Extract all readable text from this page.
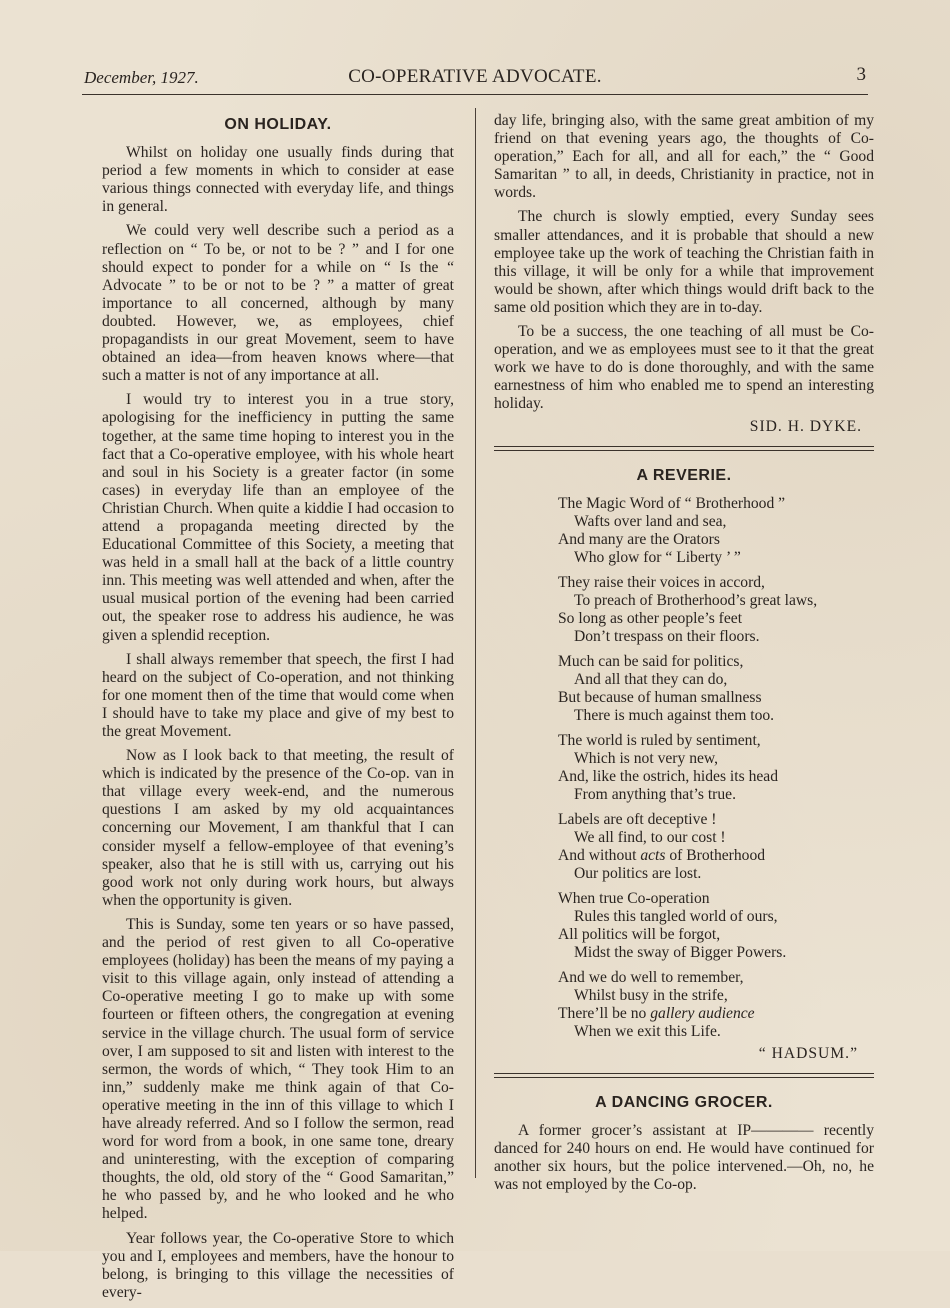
December, 1927.	CO-OPERATIVE ADVOCATE.	3
ON HOLIDAY.

Whilst on holiday one usually finds during that period a few moments in which to consider at ease various things connected with everyday life, and things in general.

We could very well describe such a period as a reflection on “ To be, or not to be ? ” and I for one should expect to ponder for a while on “ Is the “ Advocate ” to be or not to be ? ” a matter of great importance to all concerned, although by many doubted. However, we, as employees, chief propagandists in our great Movement, seem to have obtained an idea—from heaven knows where—that such a matter is not of any importance at all.

I would try to interest you in a true story, apologising for the inefficiency in putting the same together, at the same time hoping to interest you in the fact that a Co-operative employee, with his whole heart and soul in his Society is a greater factor (in some cases) in everyday life than an employee of the Christian Church. When quite a kiddie I had occasion to attend a propaganda meeting directed by the Educational Committee of this Society, a meeting that was held in a small hall at the back of a little country inn. This meeting was well attended and when, after the usual musical portion of the evening had been carried out, the speaker rose to address his audience, he was given a splendid reception.

I shall always remember that speech, the first I had heard on the subject of Co-operation, and not thinking for one moment then of the time that would come when I should have to take my place and give of my best to the great Movement.

Now as I look back to that meeting, the result of which is indicated by the presence of the Co-op. van in that village every week-end, and the numerous questions I am asked by my old acquaintances concerning our Movement, I am thankful that I can consider myself a fellow-employee of that evening’s speaker, also that he is still with us, carrying out his good work not only during work hours, but always when the opportunity is given.

This is Sunday, some ten years or so have passed, and the period of rest given to all Co-operative employees (holiday) has been the means of my paying a visit to this village again, only instead of attending a Co-operative meeting I go to make up with some fourteen or fifteen others, the congregation at evening service in the village church. The usual form of service over, I am supposed to sit and listen with interest to the sermon, the words of which, “ They took Him to an inn,” suddenly make me think again of that Co-operative meeting in the inn of this village to which I have already referred. And so I follow the sermon, read word for word from a book, in one same tone, dreary and uninteresting, with the exception of comparing thoughts, the old, old story of the “ Good Samaritan,” he who passed by, and he who looked and he who helped.

Year follows year, the Co-operative Store to which you and I, employees and members, have the honour to belong, is bringing to this village the necessities of every-

day life, bringing also, with the same great ambition of my friend on that evening years ago, the thoughts of Co-operation,” Each for all, and all for each,” the “ Good Samaritan ” to all, in deeds, Christianity in practice, not in words.

The church is slowly emptied, every Sunday sees smaller attendances, and it is probable that should a new employee take up the work of teaching the Christian faith in this village, it will be only for a while that improvement would be shown, after which things would drift back to the same old position which they are in to-day.

To be a success, the one teaching of all must be Co-operation, and we as employees must see to it that the great work we have to do is done thoroughly, and with the same earnestness of him who enabled me to spend an interesting holiday.

SID. H. DYKE.
A REVERIE.
The Magic Word of “ Brotherhood ”
Wafts over land and sea,
And many are the Orators
Who glow for “ Liberty ’ ”
They raise their voices in accord,
To preach of Brotherhood’s great laws,
So long as other people’s feet
Don’t trespass on their floors.
Much can be said for politics,
And all that they can do,
But because of human smallness
There is much against them too.
The world is ruled by sentiment,
Which is not very new,
And, like the ostrich, hides its head
From anything that’s true.
Labels are oft deceptive !
We all find, to our cost !
And without acts of Brotherhood
Our politics are lost.
When true Co-operation
Rules this tangled world of ours,
All politics will be forgot,
Midst the sway of Bigger Powers.
And we do well to remember,
Whilst busy in the strife,
There’ll be no gallery audience
When we exit this Life.
“ HADSUM.”
A DANCING GROCER.

A former grocer’s assistant at IP———— recently danced for 240 hours on end. He would have continued for another six hours, but the police intervened.—Oh, no, he was not employed by the Co-op.
